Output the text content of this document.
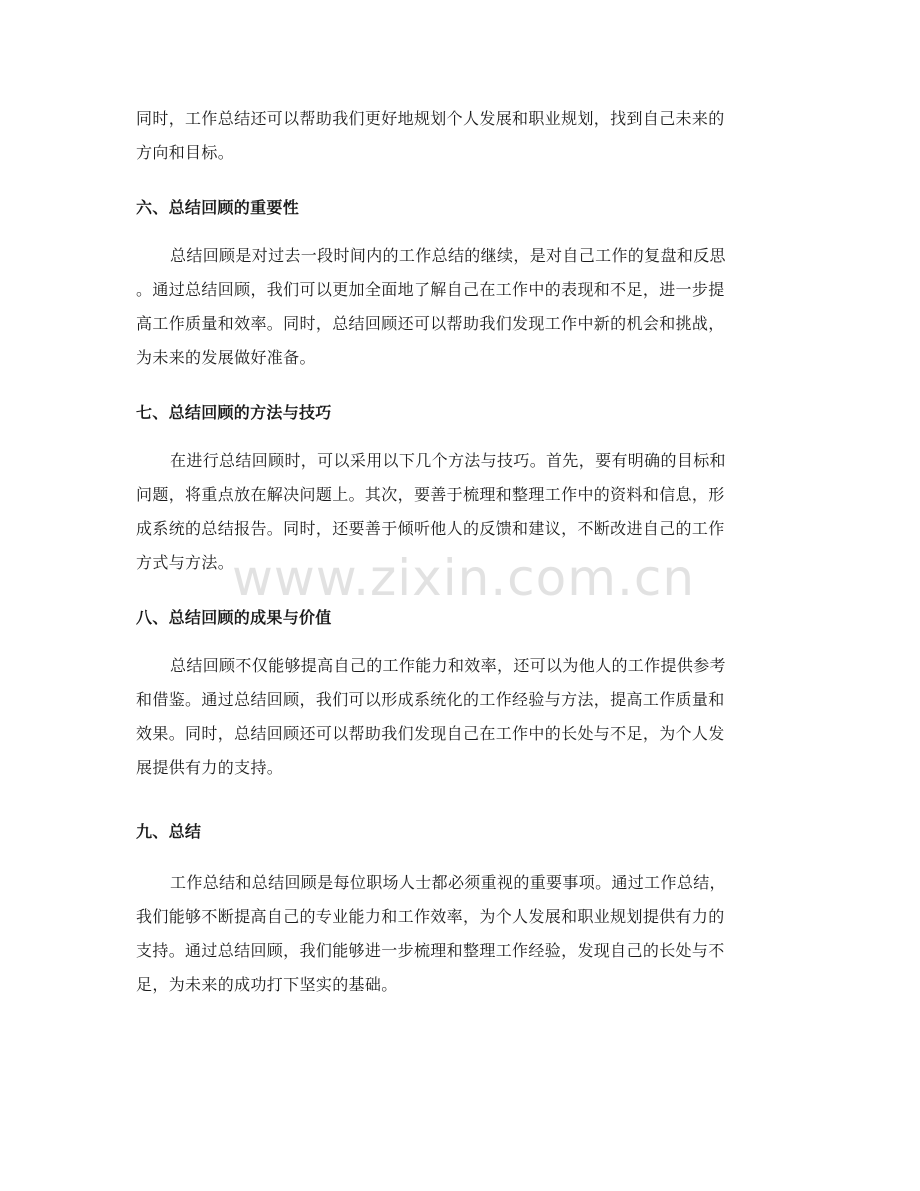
同时，工作总结还可以帮助我们更好地规划个人发展和职业规划，找到自己未来的
方向和目标。

六、总结回顾的重要性

总结回顾是对过去一段时间内的工作总结的继续，是对自己工作的复盘和反思
。通过总结回顾，我们可以更加全面地了解自己在工作中的表现和不足，进一步提
高工作质量和效率。同时，总结回顾还可以帮助我们发现工作中新的机会和挑战，
为未来的发展做好准备。

七、总结回顾的方法与技巧

在进行总结回顾时，可以采用以下几个方法与技巧。首先，要有明确的目标和
问题，将重点放在解决问题上。其次，要善于梳理和整理工作中的资料和信息，形
成系统的总结报告。同时，还要善于倾听他人的反馈和建议，不断改进自己的工作
方式与方法。

八、总结回顾的成果与价值

总结回顾不仅能够提高自己的工作能力和效率，还可以为他人的工作提供参考
和借鉴。通过总结回顾，我们可以形成系统化的工作经验与方法，提高工作质量和
效果。同时，总结回顾还可以帮助我们发现自己在工作中的长处与不足，为个人发
展提供有力的支持。

九、总结

工作总结和总结回顾是每位职场人士都必须重视的重要事项。通过工作总结，
我们能够不断提高自己的专业能力和工作效率，为个人发展和职业规划提供有力的
支持。通过总结回顾，我们能够进一步梳理和整理工作经验，发现自己的长处与不
足，为未来的成功打下坚实的基础。

www.zixin.com.cn
